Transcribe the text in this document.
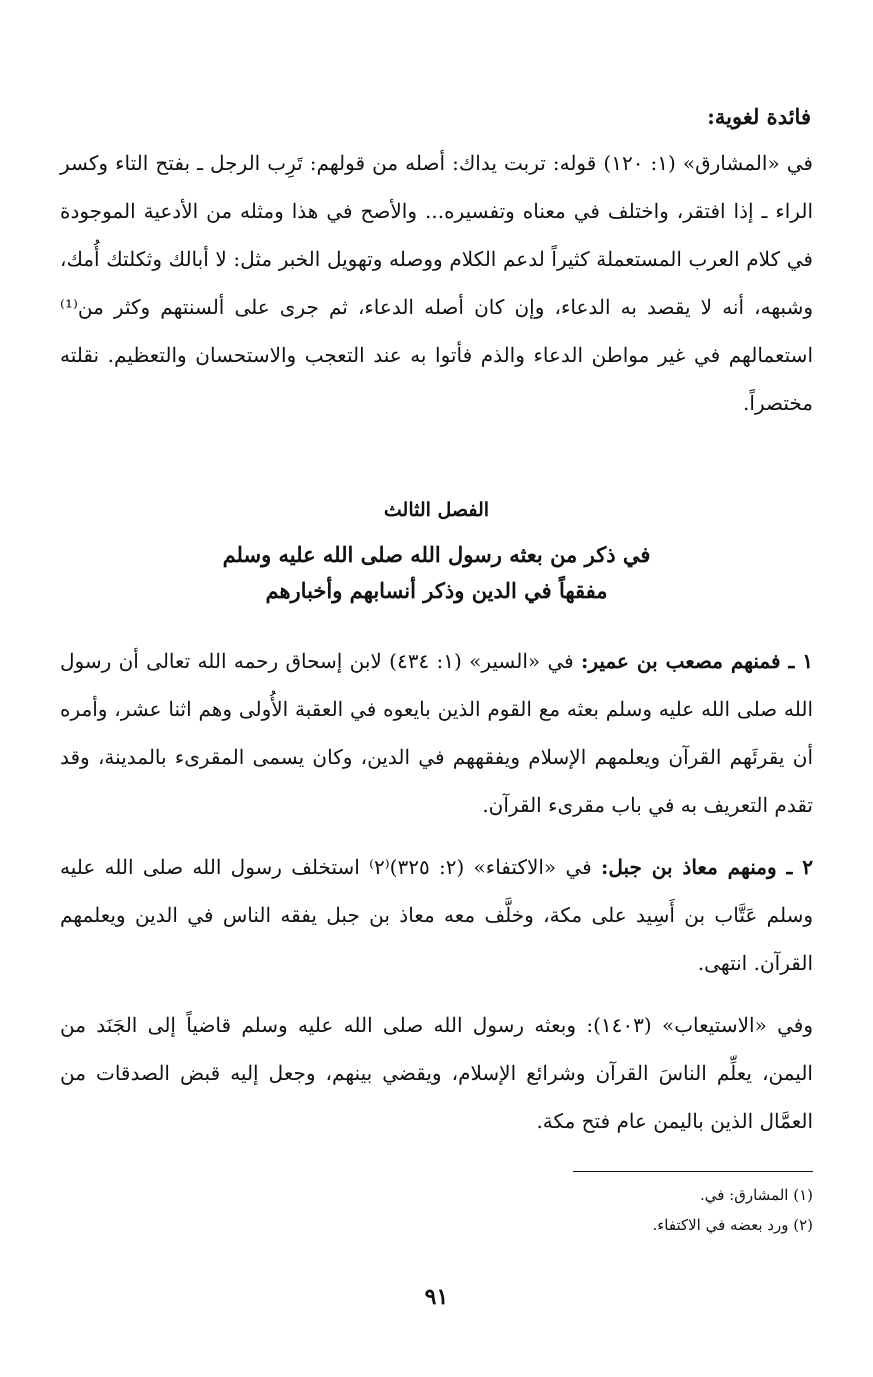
فائدة لغوية:

في «المشارق» (١: ١٢٠) قوله: تربت يداك: أصله من قولهم: تَرِب الرجل ـ بفتح التاء وكسر الراء ـ إذا افتقر، واختلف في معناه وتفسيره... والأصح في هذا ومثله من الأدعية الموجودة في كلام العرب المستعملة كثيراً لدعم الكلام ووصله وتهويل الخبر مثل: لا أبالك وثكلتك أُمك، وشبهه، أنه لا يقصد به الدعاء، وإن كان أصله الدعاء، ثم جرى على ألسنتهم وكثر من⁽¹⁾ استعمالهم في غير مواطن الدعاء والذم فأتوا به عند التعجب والاستحسان والتعظيم. نقلته مختصراً.

الفصل الثالث
في ذكر من بعثه رسول الله صلى الله عليه وسلم
مفقهاً في الدين وذكر أنسابهم وأخبارهم

١ ـ فمنهم مصعب بن عمير: في «السير» (١: ٤٣٤) لابن إسحاق رحمه الله تعالى أن رسول الله صلى الله عليه وسلم بعثه مع القوم الذين بايعوه في العقبة الأُولى وهم اثنا عشر، وأمره أن يقرئَهم القرآن ويعلمهم الإسلام ويفقههم في الدين، وكان يسمى المقرىء بالمدينة، وقد تقدم التعريف به في باب مقرىء القرآن.

٢ ـ ومنهم معاذ بن جبل: في «الاكتفاء» (٢: ٣٢٥)⁽٢⁾ استخلف رسول الله صلى الله عليه وسلم عَتَّاب بن أَسِيد على مكة، وخلَّف معه معاذ بن جبل يفقه الناس في الدين ويعلمهم القرآن. انتهى.

وفي «الاستيعاب» (١٤٠٣): وبعثه رسول الله صلى الله عليه وسلم قاضياً إلى الجَنَد من اليمن، يعلِّم الناسَ القرآن وشرائع الإسلام، ويقضي بينهم، وجعل إليه قبض الصدقات من العمَّال الذين باليمن عام فتح مكة.

(١) المشارق: في.

(٢) ورد بعضه في الاكتفاء.

٩١
